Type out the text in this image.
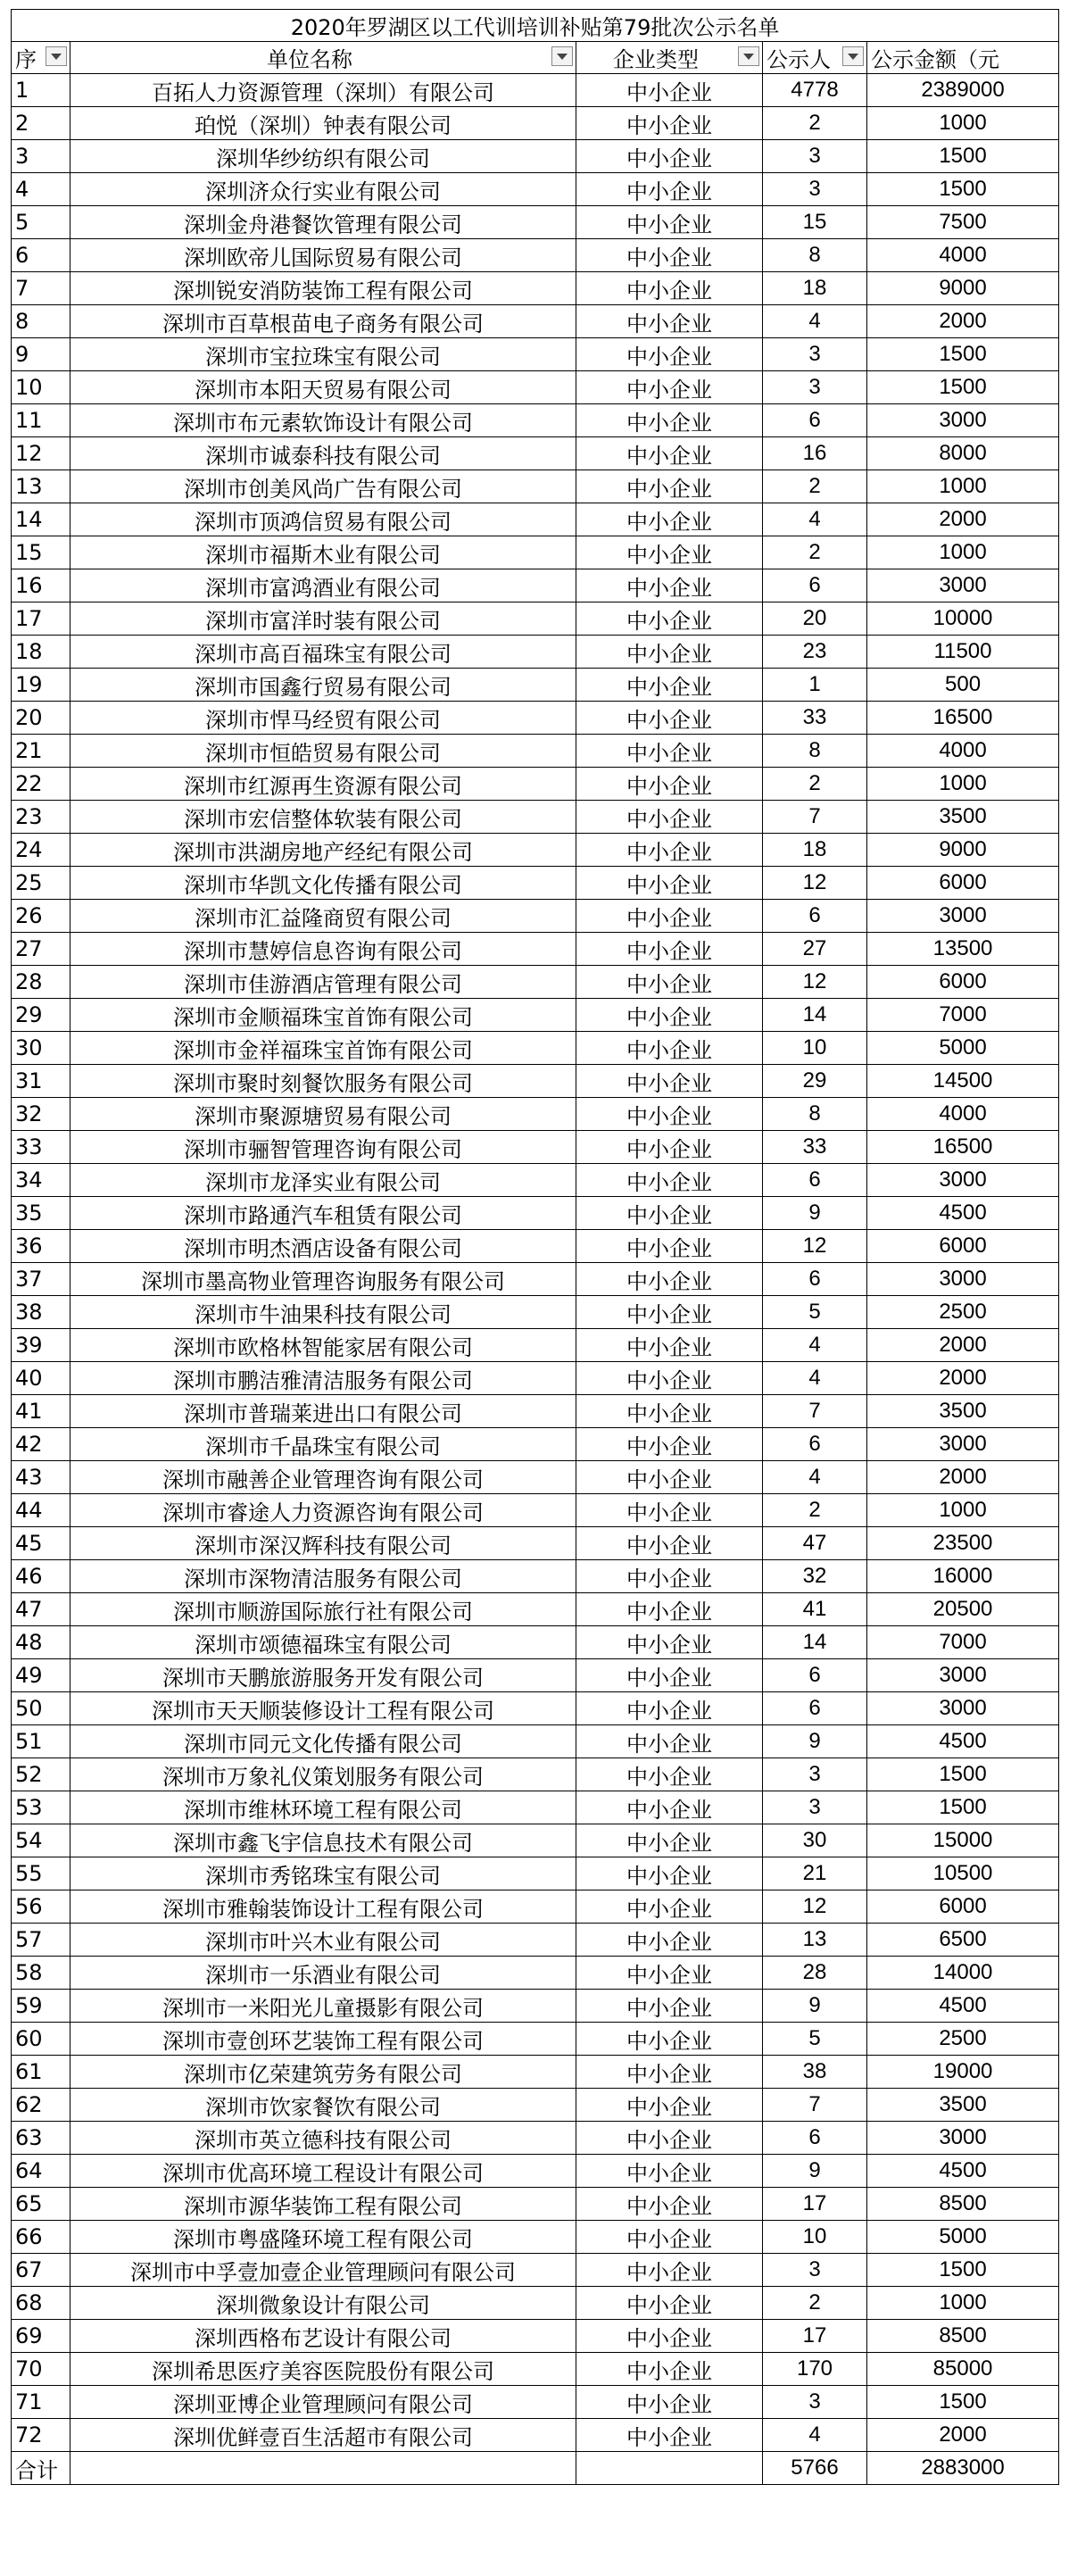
2020年罗湖区以工代训培训补贴第79批次公示名单				

序	单位名称	企业类型	公示人	公示金额（元

1	百拓人力资源管理（深圳）有限公司	中小企业	4778	2389000
2	珀悦（深圳）钟表有限公司	中小企业	2	1000
3	深圳华纱纺织有限公司	中小企业	3	1500
4	深圳济众行实业有限公司	中小企业	3	1500
5	深圳金舟港餐饮管理有限公司	中小企业	15	7500
6	深圳欧帝儿国际贸易有限公司	中小企业	8	4000
7	深圳锐安消防装饰工程有限公司	中小企业	18	9000
8	深圳市百草根苗电子商务有限公司	中小企业	4	2000
9	深圳市宝拉珠宝有限公司	中小企业	3	1500
10	深圳市本阳天贸易有限公司	中小企业	3	1500
11	深圳市布元素软饰设计有限公司	中小企业	6	3000
12	深圳市诚泰科技有限公司	中小企业	16	8000
13	深圳市创美风尚广告有限公司	中小企业	2	1000
14	深圳市顶鸿信贸易有限公司	中小企业	4	2000
15	深圳市福斯木业有限公司	中小企业	2	1000
16	深圳市富鸿酒业有限公司	中小企业	6	3000
17	深圳市富洋时装有限公司	中小企业	20	10000
18	深圳市高百福珠宝有限公司	中小企业	23	11500
19	深圳市国鑫行贸易有限公司	中小企业	1	500
20	深圳市悍马经贸有限公司	中小企业	33	16500
21	深圳市恒皓贸易有限公司	中小企业	8	4000
22	深圳市红源再生资源有限公司	中小企业	2	1000
23	深圳市宏信整体软装有限公司	中小企业	7	3500
24	深圳市洪湖房地产经纪有限公司	中小企业	18	9000
25	深圳市华凯文化传播有限公司	中小企业	12	6000
26	深圳市汇益隆商贸有限公司	中小企业	6	3000
27	深圳市慧婷信息咨询有限公司	中小企业	27	13500
28	深圳市佳游酒店管理有限公司	中小企业	12	6000
29	深圳市金顺福珠宝首饰有限公司	中小企业	14	7000
30	深圳市金祥福珠宝首饰有限公司	中小企业	10	5000
31	深圳市聚时刻餐饮服务有限公司	中小企业	29	14500
32	深圳市聚源塘贸易有限公司	中小企业	8	4000
33	深圳市骊智管理咨询有限公司	中小企业	33	16500
34	深圳市龙泽实业有限公司	中小企业	6	3000
35	深圳市路通汽车租赁有限公司	中小企业	9	4500
36	深圳市明杰酒店设备有限公司	中小企业	12	6000
37	深圳市墨高物业管理咨询服务有限公司	中小企业	6	3000
38	深圳市牛油果科技有限公司	中小企业	5	2500
39	深圳市欧格林智能家居有限公司	中小企业	4	2000
40	深圳市鹏洁雅清洁服务有限公司	中小企业	4	2000
41	深圳市普瑞莱进出口有限公司	中小企业	7	3500
42	深圳市千晶珠宝有限公司	中小企业	6	3000
43	深圳市融善企业管理咨询有限公司	中小企业	4	2000
44	深圳市睿途人力资源咨询有限公司	中小企业	2	1000
45	深圳市深汉辉科技有限公司	中小企业	47	23500
46	深圳市深物清洁服务有限公司	中小企业	32	16000
47	深圳市顺游国际旅行社有限公司	中小企业	41	20500
48	深圳市颂德福珠宝有限公司	中小企业	14	7000
49	深圳市天鹏旅游服务开发有限公司	中小企业	6	3000
50	深圳市天天顺装修设计工程有限公司	中小企业	6	3000
51	深圳市同元文化传播有限公司	中小企业	9	4500
52	深圳市万象礼仪策划服务有限公司	中小企业	3	1500
53	深圳市维林环境工程有限公司	中小企业	3	1500
54	深圳市鑫飞宇信息技术有限公司	中小企业	30	15000
55	深圳市秀铭珠宝有限公司	中小企业	21	10500
56	深圳市雅翰装饰设计工程有限公司	中小企业	12	6000
57	深圳市叶兴木业有限公司	中小企业	13	6500
58	深圳市一乐酒业有限公司	中小企业	28	14000
59	深圳市一米阳光儿童摄影有限公司	中小企业	9	4500
60	深圳市壹创环艺装饰工程有限公司	中小企业	5	2500
61	深圳市亿荣建筑劳务有限公司	中小企业	38	19000
62	深圳市饮家餐饮有限公司	中小企业	7	3500
63	深圳市英立德科技有限公司	中小企业	6	3000
64	深圳市优高环境工程设计有限公司	中小企业	9	4500
65	深圳市源华装饰工程有限公司	中小企业	17	8500
66	深圳市粤盛隆环境工程有限公司	中小企业	10	5000
67	深圳市中孚壹加壹企业管理顾问有限公司	中小企业	3	1500
68	深圳微象设计有限公司	中小企业	2	1000
69	深圳西格布艺设计有限公司	中小企业	17	8500
70	深圳希思医疗美容医院股份有限公司	中小企业	170	85000
71	深圳亚博企业管理顾问有限公司	中小企业	3	1500
72	深圳优鲜壹百生活超市有限公司	中小企业	4	2000
合计			5766	2883000
